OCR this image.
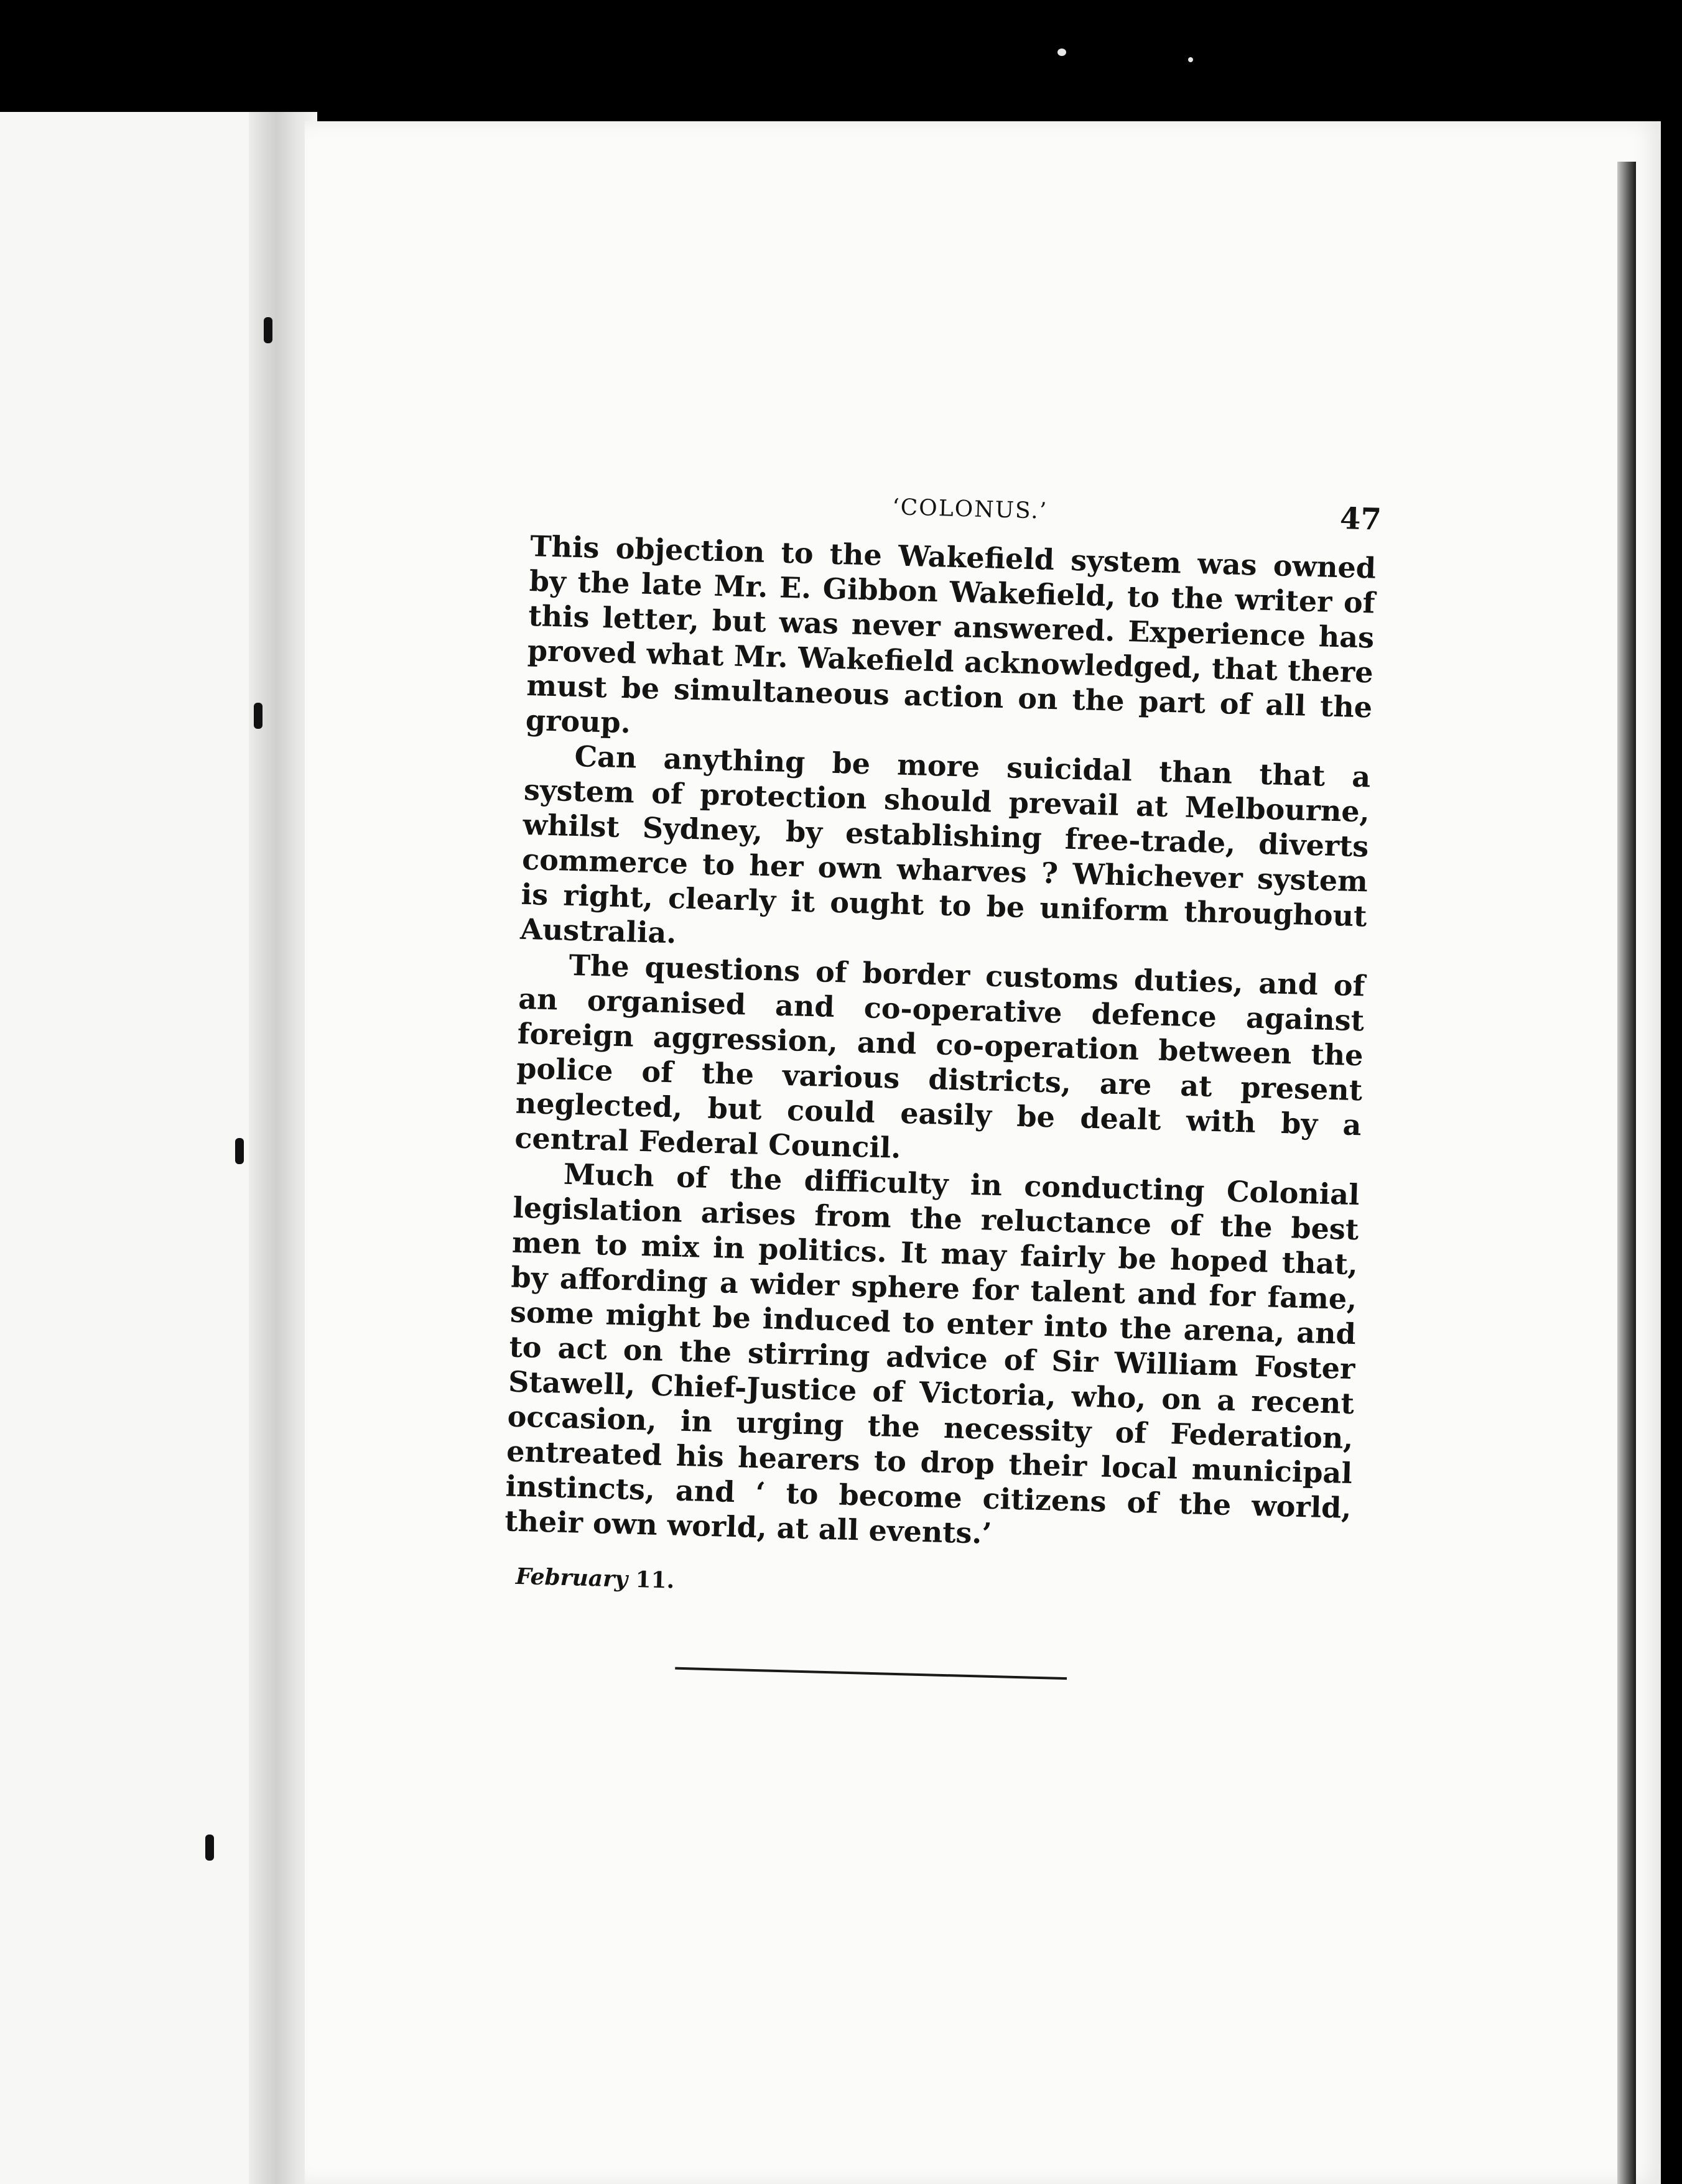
‘COLONUS.’	47

This objection to the Wakefield system was owned by the late Mr. E. Gibbon Wakefield, to the writer of this letter, but was never answered. Experience has proved what Mr. Wakefield acknowledged, that there must be simultaneous action on the part of all the group.

Can anything be more suicidal than that a system of protection should prevail at Melbourne, whilst Sydney, by establishing free-trade, diverts commerce to her own wharves ? Whichever system is right, clearly it ought to be uniform throughout Australia.

The questions of border customs duties, and of an organised and co-operative defence against foreign aggression, and co-operation between the police of the various districts, are at present neglected, but could easily be dealt with by a central Federal Council.

Much of the difficulty in conducting Colonial legislation arises from the reluctance of the best men to mix in politics. It may fairly be hoped that, by affording a wider sphere for talent and for fame, some might be induced to enter into the arena, and to act on the stirring advice of Sir William Foster Stawell, Chief-Justice of Victoria, who, on a recent occasion, in urging the necessity of Federation, entreated his hearers to drop their local municipal instincts, and ‘ to become citizens of the world, their own world, at all events.’

February 11.
